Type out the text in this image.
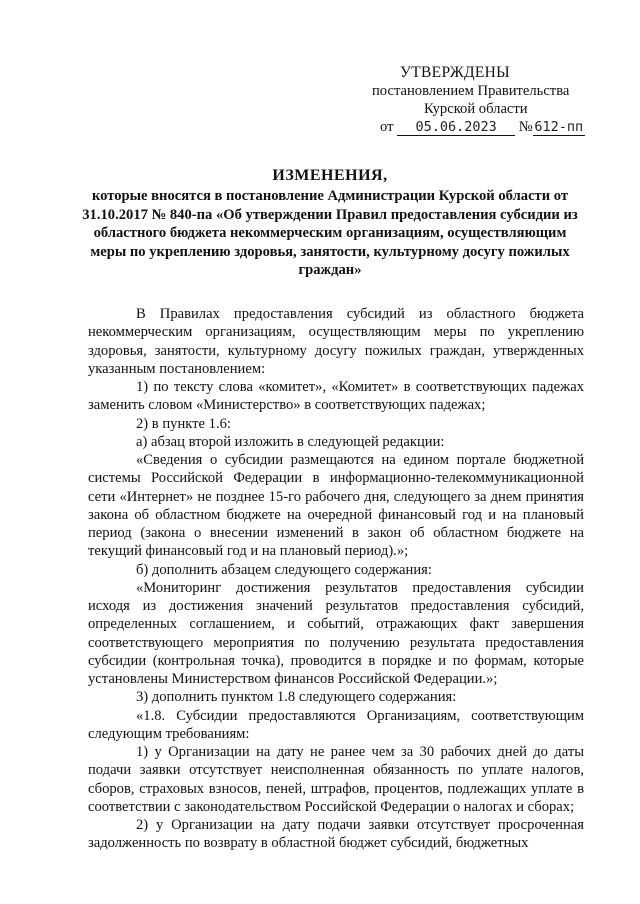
УТВЕРЖДЕНЫ
постановлением Правительства
Курской области
от 05.06.2023 № 612-пп
ИЗМЕНЕНИЯ,
которые вносятся в постановление Администрации Курской области от 31.10.2017 № 840-па «Об утверждении Правил предоставления субсидии из областного бюджета некоммерческим организациям, осуществляющим меры по укреплению здоровья, занятости, культурному досугу пожилых граждан»

В Правилах предоставления субсидий из областного бюджета некоммерческим организациям, осуществляющим меры по укреплению здоровья, занятости, культурному досугу пожилых граждан, утвержденных указанным постановлением:

1) по тексту слова «комитет», «Комитет» в соответствующих падежах заменить словом «Министерство» в соответствующих падежах;

2) в пункте 1.6:

а) абзац второй изложить в следующей редакции:

«Сведения о субсидии размещаются на едином портале бюджетной системы Российской Федерации в информационно-телекоммуникационной сети «Интернет» не позднее 15-го рабочего дня, следующего за днем принятия закона об областном бюджете на очередной финансовый год и на плановый период (закона о внесении изменений в закон об областном бюджете на текущий финансовый год и на плановый период).»;

б) дополнить абзацем следующего содержания:

«Мониторинг достижения результатов предоставления субсидии исходя из достижения значений результатов предоставления субсидий, определенных соглашением, и событий, отражающих факт завершения соответствующего мероприятия по получению результата предоставления субсидии (контрольная точка), проводится в порядке и по формам, которые установлены Министерством финансов Российской Федерации.»;

3) дополнить пунктом 1.8 следующего содержания:

«1.8. Субсидии предоставляются Организациям, соответствующим следующим требованиям:

1) у Организации на дату не ранее чем за 30 рабочих дней до даты подачи заявки отсутствует неисполненная обязанность по уплате налогов, сборов, страховых взносов, пеней, штрафов, процентов, подлежащих уплате в соответствии с законодательством Российской Федерации о налогах и сборах;

2) у Организации на дату подачи заявки отсутствует просроченная задолженность по возврату в областной бюджет субсидий, бюджетных
